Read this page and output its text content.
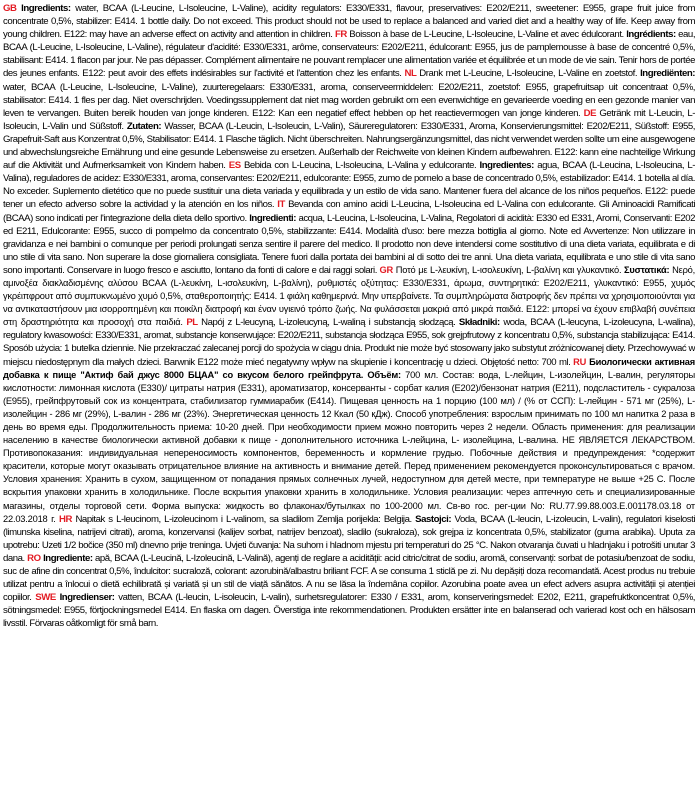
GB Ingredients: water, BCAA (L-Leucine, L-Isoleucine, L-Valine), acidity regulators: E330/E331, flavour, preservatives: E202/E211, sweetener: E955, grape fruit juice from concentrate 0,5%, stabilizer: E414. 1 bottle daily. Do not exceed. This product should not be used to replace a balanced and varied diet and a healthy way of life. Keep away from young children. E122: may have an adverse effect on activity and attention in children. FR Boisson à base de L-Leucine, L-Isoleucine, L-Valine et avec édulcorant. Ingrédients: eau, BCAA (L-Leucine, L-Isoleucine, L-Valine), régulateur d'acidité: E330/E331, arôme, conservateurs: E202/E211, édulcorant: E955, jus de pamplemousse à base de concentré 0,5%, stabilisant: E414. 1 flacon par jour. Ne pas dépasser. Complément alimentaire ne pouvant remplacer une alimentation variée et équilibrée et un mode de vie sain. Tenir hors de portée des jeunes enfants. E122: peut avoir des effets indésirables sur l'activité et l'attention chez les enfants. NL Drank met L-Leucine, L-Isoleucine, L-Valine en zoetstof. Ingrediënten: water, BCAA (L-Leucine, L-Isoleucine, L-Valine), zuurteregelaars: E330/E331, aroma, conserveermiddelen: E202/E211, zoetstof: E955, grapefruitsap uit concentraat 0,5%, stabilisator: E414. 1 fles per dag. Niet overschrijden. Voedingssupplement dat niet mag worden gebruikt om een evenwichtige en gevarieerde voeding en een gezonde manier van leven te vervangen. Buiten bereik houden van jonge kinderen. E122: Kan een negatief effect hebben op het reactievermogen van jonge kinderen. DE Getränk mit L-Leucin, L-Isoleucin, L-Valin und Süßstoff. Zutaten: Wasser, BCAA (L-Leucin, L-Isoleucin, L-Valin), Säureregulatoren: E330/E331, Aroma, Konservierungsmittel: E202/E211, Süßstoff: E955, Grapefruit-Saft aus Konzentrat 0,5%, Stabilisator: E414. 1 Flasche täglich. Nicht überschreiten. Nahrungsergänzungsmittel, das nicht verwendet werden sollte um eine ausgewogene und abwechslungsreiche Ernährung und eine gesunde Lebensweise zu ersetzen. Außerhalb der Reichweite von kleinen Kindern aufbewahren. E122: kann eine nachteilige Wirkung auf die Aktivität und Aufmerksamkeit von Kindern haben. ES Bebida con L-Leucina, L-Isoleucina, L-Valina y edulcorante. Ingredientes: agua, BCAA (L-Leucina, L-Isoleucina, L-Valina), reguladores de acidez: E330/E331, aroma, conservantes: E202/E211, edulcorante: E955, zumo de pomelo a base de concentrado 0,5%, estabilizador: E414. 1 botella al día. No exceder. Suplemento dietético que no puede sustituir una dieta variada y equilibrada y un estilo de vida sano. Mantener fuera del alcance de los niños pequeños. E122: puede tener un efecto adverso sobre la actividad y la atención en los niños. IT Bevanda con amino acidi L-Leucina, L-Isoleucina ed L-Valina con edulcorante. Gli Aminoacidi Ramificati (BCAA) sono indicati per l'integrazione della dieta dello sportivo. Ingredienti: acqua, L-Leucina, L-Isoleucina, L-Valina, Regolatori di acidità: E330 ed E331, Aromi, Conservanti: E202 ed E211, Edulcorante: E955, succo di pompelmo da concentrato 0,5%, stabilizzante: E414. Modalità d'uso: bere mezza bottiglia al giorno. Note ed Avvertenze: Non utilizzare in gravidanza e nei bambini o comunque per periodi prolungati senza sentire il parere del medico. Il prodotto non deve intendersi come sostitutivo di una dieta variata, equilibrata e di uno stile di vita sano. Non superare la dose giornaliera consigliata. Tenere fuori dalla portata dei bambini al di sotto dei tre anni. Una dieta variata, equilibrata e uno stile di vita sano sono importanti. Conservare in luogo fresco e asciutto, lontano da fonti di calore e dai raggi solari. GR Ποτό με L-λευκίνη, L-ισολευκίνη, L-βαλίνη και γλυκαντικό. Συστατικά: Νερό, αμινοξέα διακλαδισμένης αλύσου BCAA (L-λευκίνη, L-ισολευκίνη, L-βαλίνη), ρυθμιστές οξύτητας: E330/E331, άρωμα, συντηρητικά: E202/E211, γλυκαντικό: E955, χυμός γκρέιπφρουτ από συμπυκνωμένο χυμό 0,5%, σταθεροποιητής: E414. 1 φιάλη καθημερινά. Μην υπερβαίνετε. Τα συμπληρώματα διατροφής δεν πρέπει να χρησιμοποιούνται για να αντικαταστήσουν μια ισορροπημένη και ποικίλη διατροφή και έναν υγιεινό τρόπο ζωής. Να φυλάσσεται μακριά από μικρά παιδιά. E122: μπορεί να έχουν επιβλαβή συνέπεια στη δραστηριότητα και προσοχή στα παιδιά. PL Napój z L-leucyną, L-izoleucyną, L-waliną i substancją słodzącą. Składniki: woda, BCAA (L-leucyna, L-izoleucyna, L-walina), regulatory kwasowości: E330/E331, aromat, substancje konserwujące: E202/E211, substancja słodząca E955, sok grejpfrutowy z koncentratu 0,5%, substancja stabilizująca: E414. Sposób użycia: 1 butelka dziennie. Nie przekraczać zalecanej porcji do spożycia w ciągu dnia. Produkt nie może być stosowany jako substytut zróżnicowanej diety. Przechowywać w miejscu niedostępnym dla małych dzieci. Barwnik E122 może mieć negatywny wpływ na skupienie i koncentrację u dzieci. Objętość netto: 700 ml. RU Биологически активная добавка к пище "Актиф бай джус 8000 БЦАА" со вкусом белого грейпфрута. Объём: 700 мл. Состав: вода, L-лейцин, L-изолейцин, L-валин, регуляторы кислотности: лимонная кислота (Е330)/ цитраты натрия (Е331), ароматизатор, консерванты - сорбат калия (Е202)/бензонат натрия (Е211), подсластитель - сукралоза (Е955), грейпфрутовый сок из концентрата, стабилизатор гуммиарабик (Е414). Пищевая ценность на 1 порцию (100 мл) / (% от ССП): L-лейцин - 571 мг (25%), L-изолейцин - 286 мг (29%), L-валин - 286 мг (23%). Энергетическая ценность 12 Ккал (50 кДж). Способ употребления: взрослым принимать по 100 мл напитка 2 раза в день во время еды. Продолжительность приема: 10-20 дней. При необходимости прием можно повторить через 2 недели. Область применения: для реализации населению в качестве биологически активной добавки к пище - дополнительного источника L-лейцина, L- изолейцина, L-валина. НЕ ЯВЛЯЕТСЯ ЛЕКАРСТВОМ. Противопоказания: индивидуальная непереносимость компонентов, беременность и кормление грудью. Побочные действия и предупреждения: *содержит красители, которые могут оказывать отрицательное влияние на активность и внимание детей. Перед применением рекомендуется проконсультироваться с врачом. Условия хранения: Хранить в сухом, защищенном от попадания прямых солнечных лучей, недоступном для детей месте, при температуре не выше +25 С. После вскрытия упаковки хранить в холодильнике. После вскрытия упаковки хранить в холодильнике. Условия реализации: через аптечную сеть и специализированные магазины, отделы торговой сети. Форма выпуска: жидкость во флаконах/бутылках по 100-2000 мл. Св-во гос. рег-ции No: RU.77.99.88.003.E.001178.03.18 от 22.03.2018 г. HR Napitak s L-leucinom, L-izoleucinom i L-valinom, sa sladilom Zemlja porijekla: Belgija. Sastojci: Voda, BCAA (L-leucin, L-izoleucin, L-valin), regulatori kiselosti (limunska kiselina, natrijevi citrati), aroma, konzervansi (kalijev sorbat, natrijev benzoat), sladilo (sukraloza), sok grejpa iz koncentrata 0,5%, stabilizator (guma arabika). Uputa za upotrebu: Uzeti 1/2 bočice (350 ml) dnevno prije treninga. Uvjeti čuvanja: Na suhom i hladnom mjestu pri temperaturi do 25 °C. Nakon otvaranja čuvati u hladnjaku i potrošiti unutar 3 dana. RO Ingrediente: apă, BCAA (L-Leucină, L-Izoleucină, L-Valină), agenți de reglare a acidității: acid citric/citrat de sodiu, aromă, conservanți: sorbat de potasiu/benzoat de sodiu, suc de afine din concentrat 0,5%, îndulcitor: sucraloză, colorant: azorubină/albastru briliant FCF. A se consuma 1 sticlă pe zi. Nu depășiți doza recomandată. Acest produs nu trebuie utilizat pentru a înlocui o dietă echilibrată și variată și un stil de viață sănătos. A nu se lăsa la îndemâna copiilor. Azorubina poate avea un efect advers asupra activității și atenției copiilor. SWE Ingredienser: vatten, BCAA (L-leucin, L-isoleucin, L-valin), surhetsregulatorer: E330 / E331, arom, konserveringsmedel: E202, E211, grapefruktkoncentrat 0,5%, sötningsmedel: E955, förtjockningsmedel E414. En flaska om dagen. Överstiga inte rekommendationen. Produkten ersätter inte en balanserad och varierad kost och en hälsosam livsstil. Förvaras oåtkomligt för små barn.
